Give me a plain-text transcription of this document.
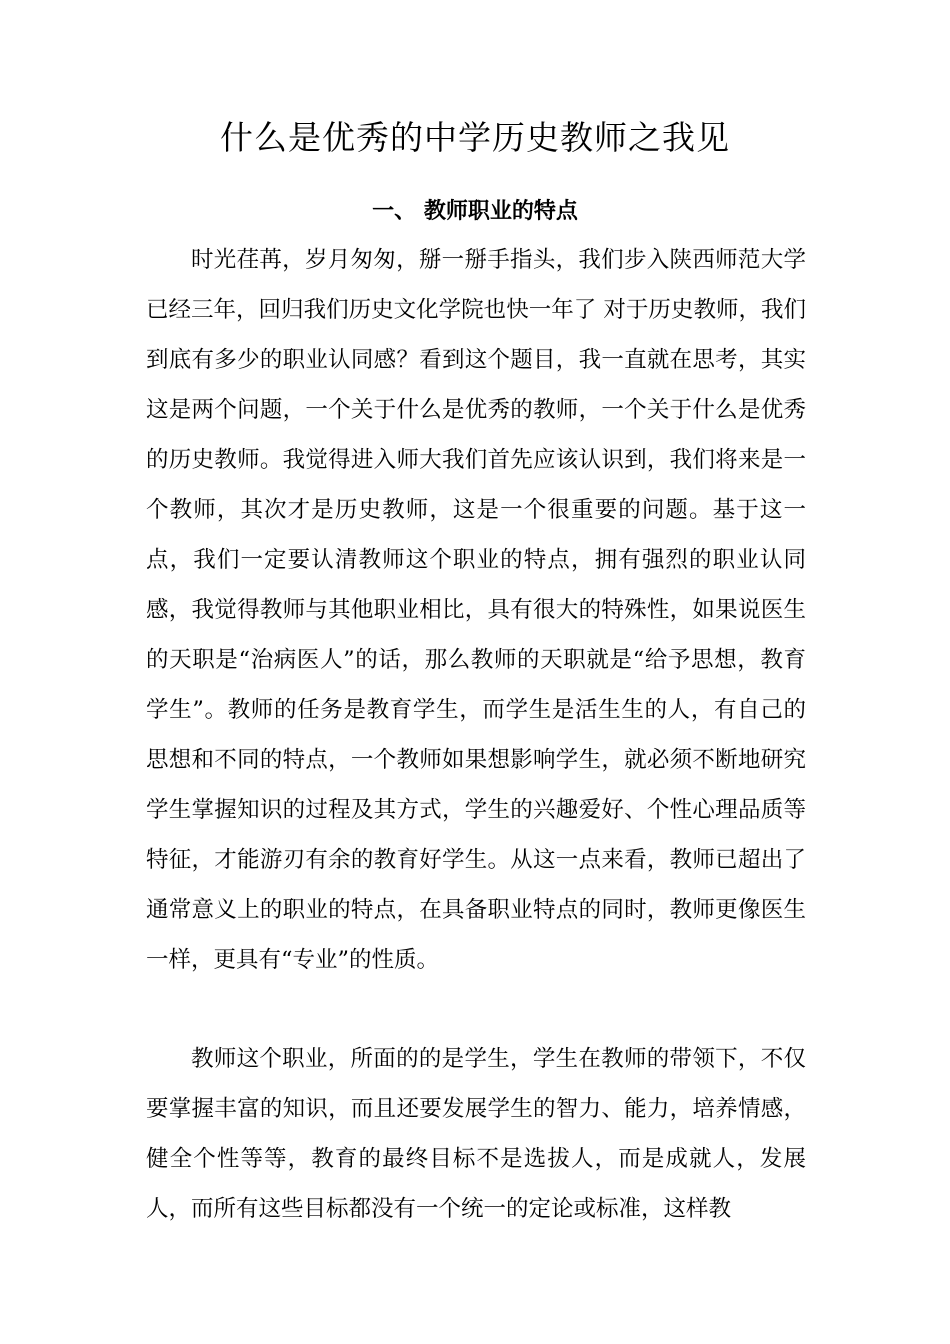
什么是优秀的中学历史教师之我见
一、 教师职业的特点

时光荏苒，岁月匆匆，掰一掰手指头，我们步入陕西师范大学已经三年，回归我们历史文化学院也快一年了 对于历史教师，我们到底有多少的职业认同感？看到这个题目，我一直就在思考，其实这是两个问题，一个关于什么是优秀的教师，一个关于什么是优秀的历史教师。我觉得进入师大我们首先应该认识到，我们将来是一个教师，其次才是历史教师，这是一个很重要的问题。基于这一点，我们一定要认清教师这个职业的特点，拥有强烈的职业认同感，我觉得教师与其他职业相比，具有很大的特殊性，如果说医生的天职是“治病医人”的话，那么教师的天职就是“给予思想，教育学生”。教师的任务是教育学生，而学生是活生生的人，有自己的思想和不同的特点，一个教师如果想影响学生，就必须不断地研究学生掌握知识的过程及其方式，学生的兴趣爱好、个性心理品质等特征，才能游刃有余的教育好学生。从这一点来看，教师已超出了通常意义上的职业的特点，在具备职业特点的同时，教师更像医生一样，更具有“专业”的性质。

教师这个职业，所面的的是学生，学生在教师的带领下，不仅要掌握丰富的知识，而且还要发展学生的智力、能力，培养情感，健全个性等等，教育的最终目标不是选拔人，而是成就人，发展人，而所有这些目标都没有一个统一的定论或标准，这样教
